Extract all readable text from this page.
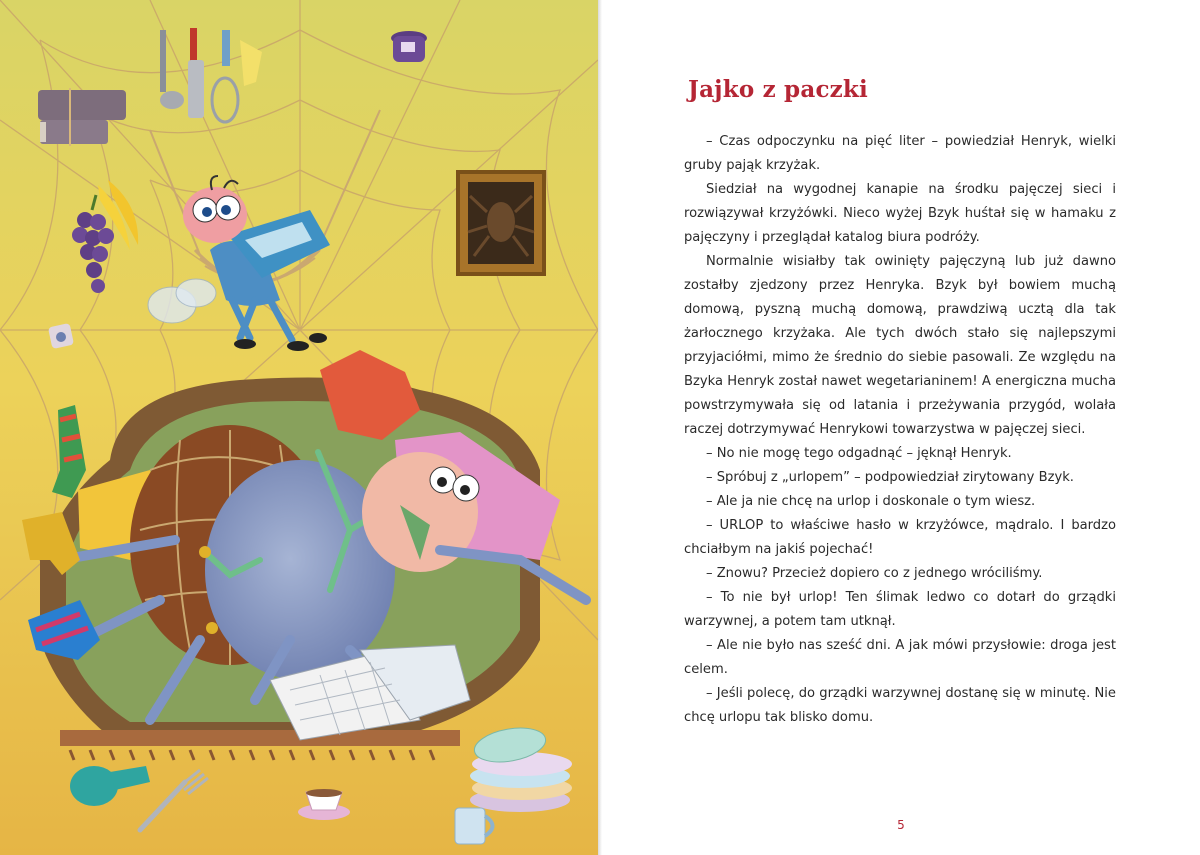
Jajko z paczki

– Czas odpoczynku na pięć liter – powiedział Henryk, wielki gruby pająk krzyżak.

Siedział na wygodnej kanapie na środku pajęczej sieci i rozwiązywał krzyżówki. Nieco wyżej Bzyk huśtał się w hamaku z pajęczyny i przeglądał katalog biura podróży.

Normalnie wisiałby tak owinięty pajęczyną lub już dawno zostałby zjedzony przez Henryka. Bzyk był bowiem muchą domową, pyszną muchą domową, prawdziwą ucztą dla tak żarłocznego krzyżaka. Ale tych dwóch stało się najlepszymi przyjaciółmi, mimo że średnio do siebie pasowali. Ze względu na Bzyka Henryk został nawet wegetarianinem! A energiczna mucha powstrzymywała się od latania i przeżywania przygód, wolała raczej dotrzymywać Henrykowi towarzystwa w pajęczej sieci.

– No nie mogę tego odgadnąć – jęknął Henryk.

– Spróbuj z „urlopem” – podpowiedział zirytowany Bzyk.

– Ale ja nie chcę na urlop i doskonale o tym wiesz.

– URLOP to właściwe hasło w krzyżówce, mądralo. I bardzo chciałbym na jakiś pojechać!

– Znowu? Przecież dopiero co z jednego wróciliśmy.

– To nie był urlop! Ten ślimak ledwo co dotarł do grządki warzywnej, a potem tam utknął.

– Ale nie było nas sześć dni. A jak mówi przysłowie: droga jest celem.

– Jeśli polecę, do grządki warzywnej dostanę się w minutę. Nie chcę urlopu tak blisko domu.

5
